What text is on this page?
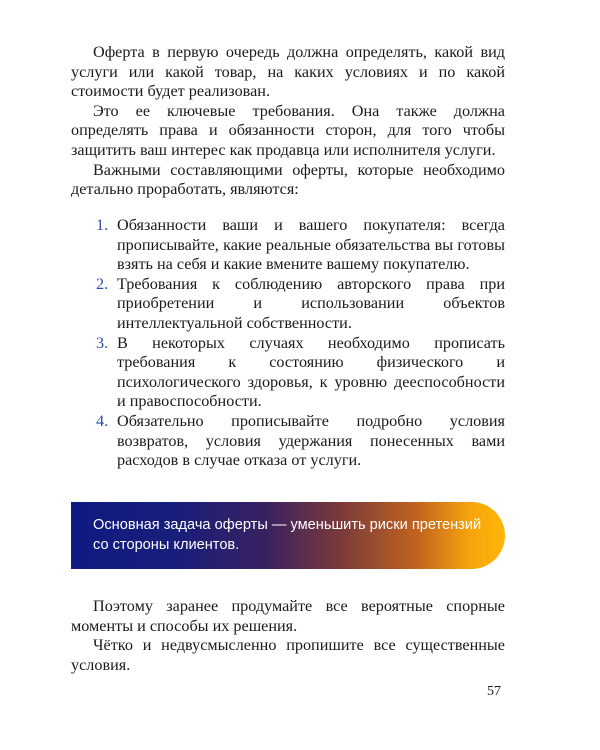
Оферта в первую очередь должна определять, какой вид услуги или какой товар, на каких условиях и по какой стоимости будет реализован.

Это ее ключевые требования. Она также должна определять права и обязанности сторон, для того чтобы защитить ваш интерес как продавца или исполнителя услуги.

Важными составляющими оферты, которые необходимо детально проработать, являются:

1. Обязанности ваши и вашего покупателя: всегда прописывайте, какие реальные обязательства вы готовы взять на себя и какие вмените вашему покупателю.
2. Требования к соблюдению авторского права при приобретении и использовании объектов интеллектуальной собственности.
3. В некоторых случаях необходимо прописать требования к состоянию физического и психологического здоровья, к уровню дееспособности и правоспособности.
4. Обязательно прописывайте подробно условия возвратов, условия удержания понесенных вами расходов в случае отказа от услуги.
Основная задача оферты — уменьшить риски претензий со стороны клиентов.

Поэтому заранее продумайте все вероятные спорные моменты и способы их решения.

Чётко и недвусмысленно пропишите все существенные условия.

57
